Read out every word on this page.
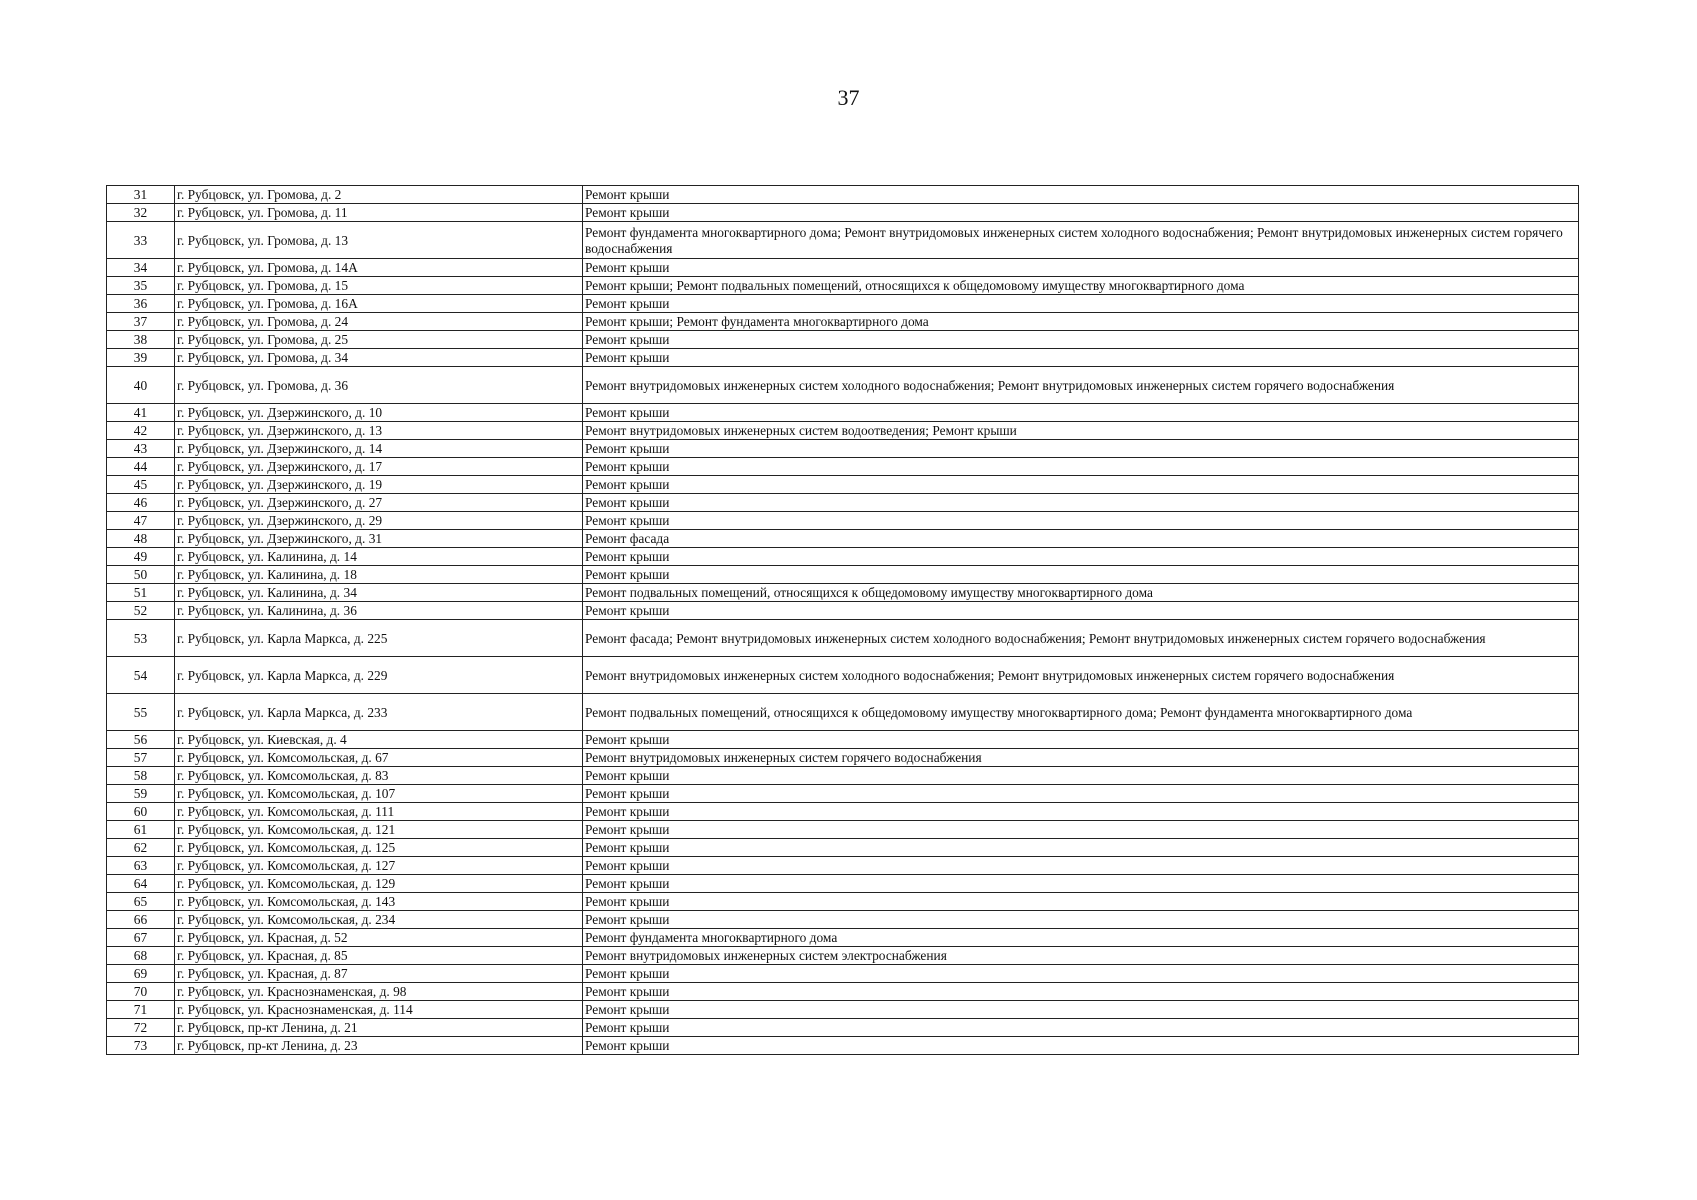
37
31	г. Рубцовск, ул. Громова, д. 2	Ремонт крыши
32	г. Рубцовск, ул. Громова, д. 11	Ремонт крыши
33	г. Рубцовск, ул. Громова, д. 13	Ремонт фундамента многоквартирного дома; Ремонт внутридомовых инженерных систем холодного водоснабжения; Ремонт внутридомовых инженерных систем горячего водоснабжения
34	г. Рубцовск, ул. Громова, д. 14А	Ремонт крыши
35	г. Рубцовск, ул. Громова, д. 15	Ремонт крыши; Ремонт подвальных помещений, относящихся к общедомовому имуществу многоквартирного дома
36	г. Рубцовск, ул. Громова, д. 16А	Ремонт крыши
37	г. Рубцовск, ул. Громова, д. 24	Ремонт крыши; Ремонт фундамента многоквартирного дома
38	г. Рубцовск, ул. Громова, д. 25	Ремонт крыши
39	г. Рубцовск, ул. Громова, д. 34	Ремонт крыши
40	г. Рубцовск, ул. Громова, д. 36	Ремонт внутридомовых инженерных систем холодного водоснабжения; Ремонт внутридомовых инженерных систем горячего водоснабжения
41	г. Рубцовск, ул. Дзержинского, д. 10	Ремонт крыши
42	г. Рубцовск, ул. Дзержинского, д. 13	Ремонт внутридомовых инженерных систем водоотведения; Ремонт крыши
43	г. Рубцовск, ул. Дзержинского, д. 14	Ремонт крыши
44	г. Рубцовск, ул. Дзержинского, д. 17	Ремонт крыши
45	г. Рубцовск, ул. Дзержинского, д. 19	Ремонт крыши
46	г. Рубцовск, ул. Дзержинского, д. 27	Ремонт крыши
47	г. Рубцовск, ул. Дзержинского, д. 29	Ремонт крыши
48	г. Рубцовск, ул. Дзержинского, д. 31	Ремонт фасада
49	г. Рубцовск, ул. Калинина, д. 14	Ремонт крыши
50	г. Рубцовск, ул. Калинина, д. 18	Ремонт крыши
51	г. Рубцовск, ул. Калинина, д. 34	Ремонт подвальных помещений, относящихся к общедомовому имуществу многоквартирного дома
52	г. Рубцовск, ул. Калинина, д. 36	Ремонт крыши
53	г. Рубцовск, ул. Карла Маркса, д. 225	Ремонт фасада; Ремонт внутридомовых инженерных систем холодного водоснабжения; Ремонт внутридомовых инженерных систем горячего водоснабжения
54	г. Рубцовск, ул. Карла Маркса, д. 229	Ремонт внутридомовых инженерных систем холодного водоснабжения; Ремонт внутридомовых инженерных систем горячего водоснабжения
55	г. Рубцовск, ул. Карла Маркса, д. 233	Ремонт подвальных помещений, относящихся к общедомовому имуществу многоквартирного дома; Ремонт фундамента многоквартирного дома
56	г. Рубцовск, ул. Киевская, д. 4	Ремонт крыши
57	г. Рубцовск, ул. Комсомольская, д. 67	Ремонт внутридомовых инженерных систем горячего водоснабжения
58	г. Рубцовск, ул. Комсомольская, д. 83	Ремонт крыши
59	г. Рубцовск, ул. Комсомольская, д. 107	Ремонт крыши
60	г. Рубцовск, ул. Комсомольская, д. 111	Ремонт крыши
61	г. Рубцовск, ул. Комсомольская, д. 121	Ремонт крыши
62	г. Рубцовск, ул. Комсомольская, д. 125	Ремонт крыши
63	г. Рубцовск, ул. Комсомольская, д. 127	Ремонт крыши
64	г. Рубцовск, ул. Комсомольская, д. 129	Ремонт крыши
65	г. Рубцовск, ул. Комсомольская, д. 143	Ремонт крыши
66	г. Рубцовск, ул. Комсомольская, д. 234	Ремонт крыши
67	г. Рубцовск, ул. Красная, д. 52	Ремонт фундамента многоквартирного дома
68	г. Рубцовск, ул. Красная, д. 85	Ремонт внутридомовых инженерных систем электроснабжения
69	г. Рубцовск, ул. Красная, д. 87	Ремонт крыши
70	г. Рубцовск, ул. Краснознаменская, д. 98	Ремонт крыши
71	г. Рубцовск, ул. Краснознаменская, д. 114	Ремонт крыши
72	г. Рубцовск, пр-кт Ленина, д. 21	Ремонт крыши
73	г. Рубцовск, пр-кт Ленина, д. 23	Ремонт крыши
